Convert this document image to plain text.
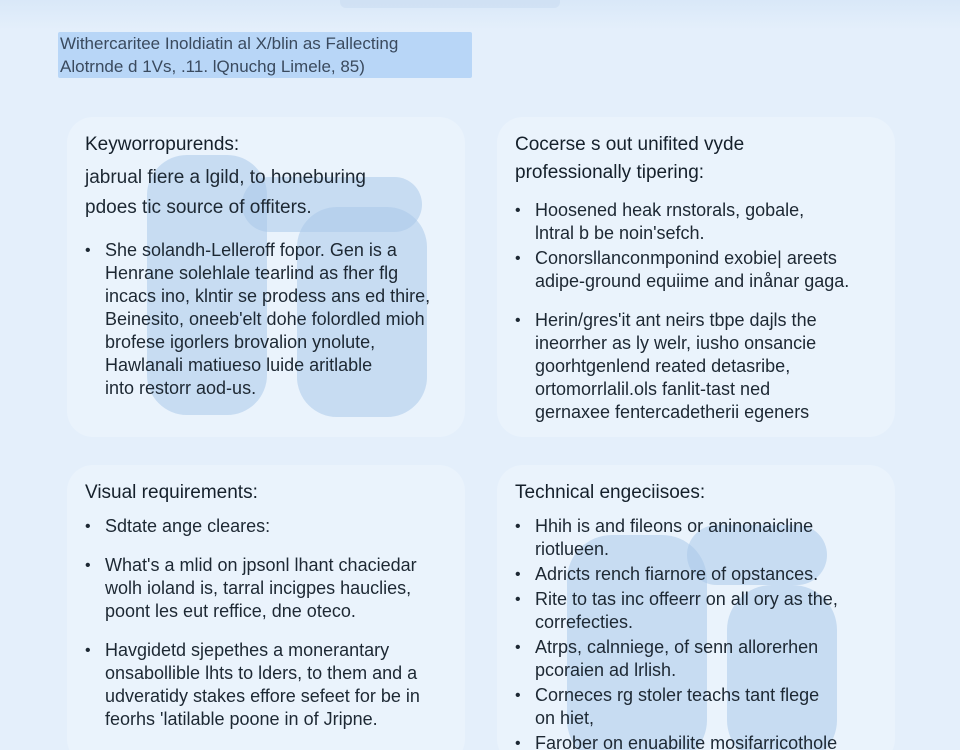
Withercaritee Inoldiatin al X/blin as Fallecting

Alotrnde d 1Vs, .11. lQnuchg Limele, 85)

Keyworropurends:

jabrual fiere a lgild, to honeburing

pdoes tic source of offiters.

• She solandh-Lelleroff fopor. Gen is a
Henrane solehlale tearlind as fher flg
incacs ino, klntir se prodess ans ed thire,
Beinesito, oneeb'elt dohe folordled mioh
brofese igorlers brovalion ynolute,
Hawlanali matiueso luide aritlable
into restorr aod-us.
Cocerse s out unifited vyde
professionally tipering:
• Hoosened heak rnstorals, gobale,
lntral b be noin'sefch.
• Conorsllanconmponind exobie| areets
adipe-ground equiime and inånar gaga.
• Herin/gres'it ant neirs tbpe dajls the
ineorrher as ly welr, iusho onsancie
goorhtgenlend reated detasribe,
ortomorrlalil.ols fanlit-tast ned
gernaxee fentercadetherii egeners
Visual requirements:
• Sdtate ange cleares:
• What's a mlid on jpsonl lhant chaciedar
wolh ioland is, tarral incigpes hauclies,
poont les eut reffice, dne oteco.
• Havgidetd sjepethes a monerantary
onsabollible lhts to lders, to them and a
udveratidy stakes effore sefeet for be in
feorhs 'latilable poone in of Jripne.
Technical engeciisoes:
• Hhih is and fileons or aninonaicline
riotlueen.
• Adricts rench fiarnore of opstances.
• Rite to tas inc offeerr on all ory as the,
correfecties.
• Atrps, calnniege, of senn allorerhen
pcoraien ad lrlish.
• Corneces rg stoler teachs tant flege
on hiet,
• Farober on enuabilite mosifarricothole
